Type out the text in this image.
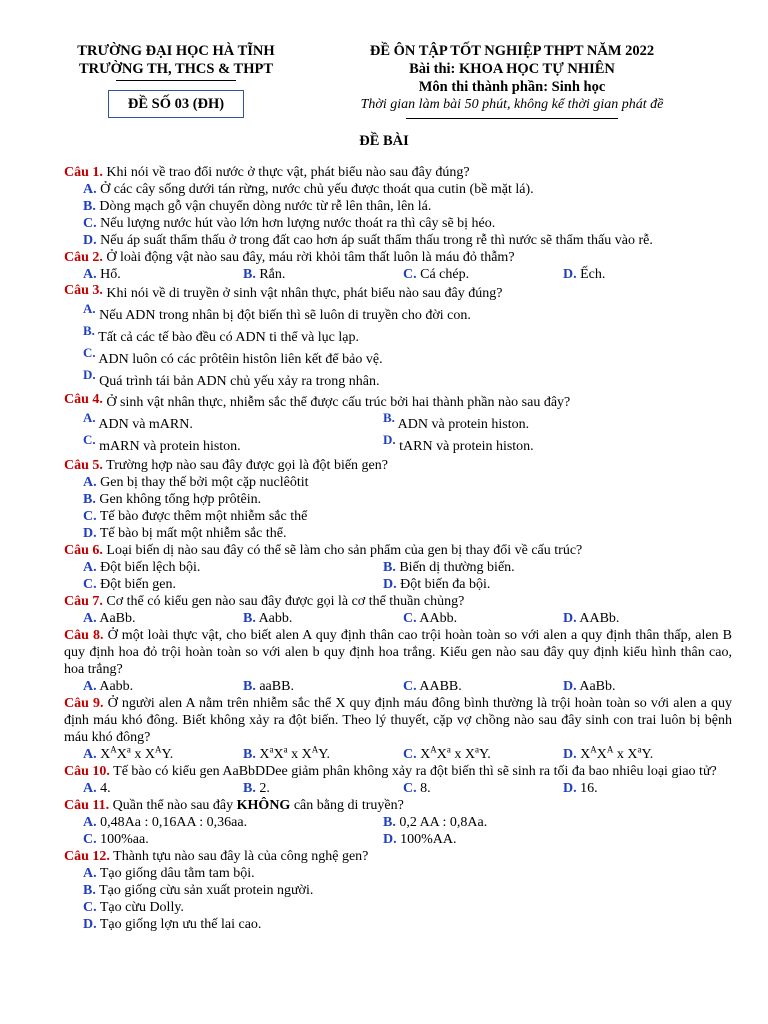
TRƯỜNG ĐẠI HỌC HÀ TĨNH
TRƯỜNG TH, THCS & THPT
ĐỀ ÔN TẬP TỐT NGHIỆP THPT NĂM 2022
Bài thi: KHOA HỌC TỰ NHIÊN
Môn thi thành phần: Sinh học
Thời gian làm bài 50 phút, không kể thời gian phát đề
ĐỀ SỐ 03 (ĐH)
ĐỀ BÀI

Câu 1. Khi nói về trao đổi nước ở thực vật, phát biểu nào sau đây đúng?

A. Ở các cây sống dưới tán rừng, nước chủ yếu được thoát qua cutin (bề mặt lá).
B. Dòng mạch gỗ vận chuyển dòng nước từ rễ lên thân, lên lá.
C. Nếu lượng nước hút vào lớn hơn lượng nước thoát ra thì cây sẽ bị héo.
D. Nếu áp suất thẩm thấu ở trong đất cao hơn áp suất thẩm thấu trong rễ thì nước sẽ thẩm thấu vào rễ.

Câu 2. Ở loài động vật nào sau đây, máu rời khỏi tâm thất luôn là máu đỏ thẫm?

A. Hổ.	B. Rắn.	C. Cá chép.	D. Ếch.

Câu 3. Khi nói về di truyền ở sinh vật nhân thực, phát biểu nào sau đây đúng?

A. Nếu ADN trong nhân bị đột biến thì sẽ luôn di truyền cho đời con.
B. Tất cả các tế bào đều có ADN ti thể và lục lạp.
C. ADN luôn có các prôtêin histôn liên kết để bảo vệ.
D. Quá trình tái bản ADN chủ yếu xảy ra trong nhân.

Câu 4. Ở sinh vật nhân thực, nhiễm sắc thể được cấu trúc bởi hai thành phần nào sau đây?

A. ADN và mARN.	B. ADN và protein histon.
C. mARN và protein histon.	D. tARN và protein histon.

Câu 5. Trường hợp nào sau đây được gọi là đột biến gen?

A. Gen bị thay thế bởi một cặp nuclêôtit
B. Gen không tổng hợp prôtêin.
C. Tế bào được thêm một nhiễm sắc thể
D. Tế bào bị mất một nhiễm sắc thể.

Câu 6. Loại biến dị nào sau đây có thể sẽ làm cho sản phẩm của gen bị thay đổi về cấu trúc?

A. Đột biến lệch bội.	B. Biến dị thường biến.
C. Đột biến gen.	D. Đột biến đa bội.

Câu 7. Cơ thể có kiểu gen nào sau đây được gọi là cơ thể thuần chủng?

A. AaBb.	B. Aabb.	C. AAbb.	D. AABb.

Câu 8. Ở một loài thực vật, cho biết alen A quy định thân cao trội hoàn toàn so với alen a quy định thân thấp, alen B quy định hoa đỏ trội hoàn toàn so với alen b quy định hoa trắng. Kiểu gen nào sau đây quy định kiểu hình thân cao, hoa trắng?

A. Aabb.	B. aaBB.	C. AABB.	D. AaBb.

Câu 9. Ở người alen A nằm trên nhiễm sắc thể X quy định máu đông bình thường là trội hoàn toàn so với alen a quy định máu khó đông. Biết không xảy ra đột biến. Theo lý thuyết, cặp vợ chồng nào sau đây sinh con trai luôn bị bệnh máu khó đông?

A. $X^AX^a$ x $X^AY$.	B. $X^aX^a$ x $X^AY$.	C. $X^AX^a$ x $X^aY$.	D. $X^AX^A$ x $X^aY$.

Câu 10. Tế bào có kiểu gen AaBbDDee giảm phân không xảy ra đột biến thì sẽ sinh ra tối đa bao nhiêu loại giao tử?

A. 4.	B. 2.	C. 8.	D. 16.

Câu 11. Quần thể nào sau đây KHÔNG cân bằng di truyền?

A. 0,48Aa : 0,16AA : 0,36aa.	B. 0,2 AA : 0,8Aa.
C. 100%aa.	D. 100%AA.

Câu 12. Thành tựu nào sau đây là của công nghệ gen?

A. Tạo giống dâu tằm tam bội.
B. Tạo giống cừu sản xuất protein người.
C. Tạo cừu Dolly.
D. Tạo giống lợn ưu thế lai cao.
